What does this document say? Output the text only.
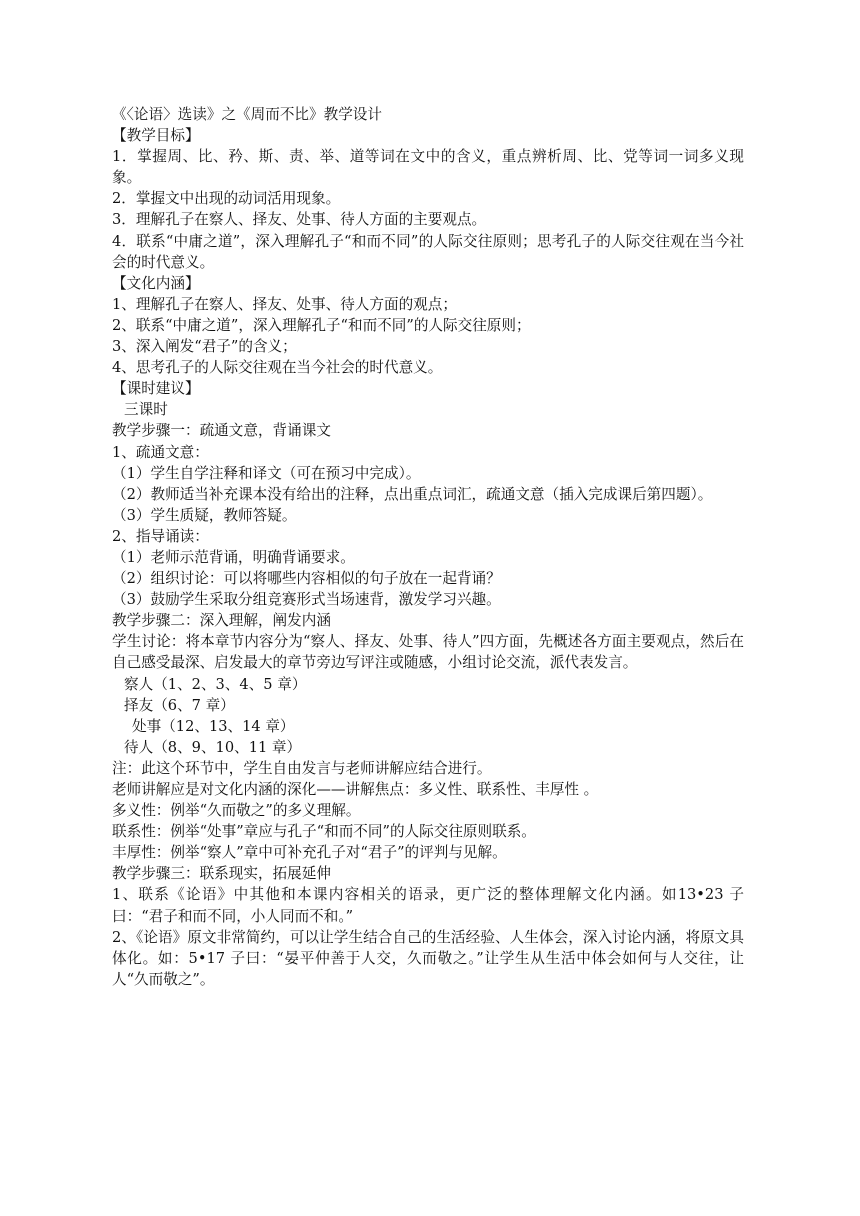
《〈论语〉选读》之《周而不比》教学设计
【教学目标】
1．掌握周、比、矜、斯、责、举、道等词在文中的含义，重点辨析周、比、党等词一词多义现象。
2．掌握文中出现的动词活用现象。
3．理解孔子在察人、择友、处事、待人方面的主要观点。
4．联系“中庸之道”，深入理解孔子“和而不同”的人际交往原则；思考孔子的人际交往观在当今社会的时代意义。
【文化内涵】
1、理解孔子在察人、择友、处事、待人方面的观点；
2、联系“中庸之道”，深入理解孔子“和而不同”的人际交往原则；
3、深入阐发“君子”的含义；
4、思考孔子的人际交往观在当今社会的时代意义。
【课时建议】
三课时
教学步骤一：疏通文意，背诵课文
1、疏通文意：
（1）学生自学注释和译文（可在预习中完成）。
（2）教师适当补充课本没有给出的注释，点出重点词汇，疏通文意（插入完成课后第四题）。
（3）学生质疑，教师答疑。
2、指导诵读：
（1）老师示范背诵，明确背诵要求。
（2）组织讨论：可以将哪些内容相似的句子放在一起背诵？
（3）鼓励学生采取分组竞赛形式当场速背，激发学习兴趣。
教学步骤二：深入理解，阐发内涵
学生讨论：将本章节内容分为“察人、择友、处事、待人”四方面，先概述各方面主要观点，然后在自己感受最深、启发最大的章节旁边写评注或随感，小组讨论交流，派代表发言。
察人（1、2、3、4、5 章）
择友（6、7 章）
处事（12、13、14 章）
待人（8、9、10、11 章）
注：此这个环节中，学生自由发言与老师讲解应结合进行。
老师讲解应是对文化内涵的深化——讲解焦点：多义性、联系性、丰厚性 。
多义性：例举“久而敬之”的多义理解。
联系性：例举“处事”章应与孔子“和而不同”的人际交往原则联系。
丰厚性：例举“察人”章中可补充孔子对“君子”的评判与见解。
教学步骤三：联系现实，拓展延伸
1、联系《论语》中其他和本课内容相关的语录，更广泛的整体理解文化内涵。如13•23 子曰：“君子和而不同，小人同而不和。”
2、《论语》原文非常简约，可以让学生结合自己的生活经验、人生体会，深入讨论内涵，将原文具体化。如：5•17 子曰：“晏平仲善于人交，久而敬之。”让学生从生活中体会如何与人交往，让人“久而敬之”。
